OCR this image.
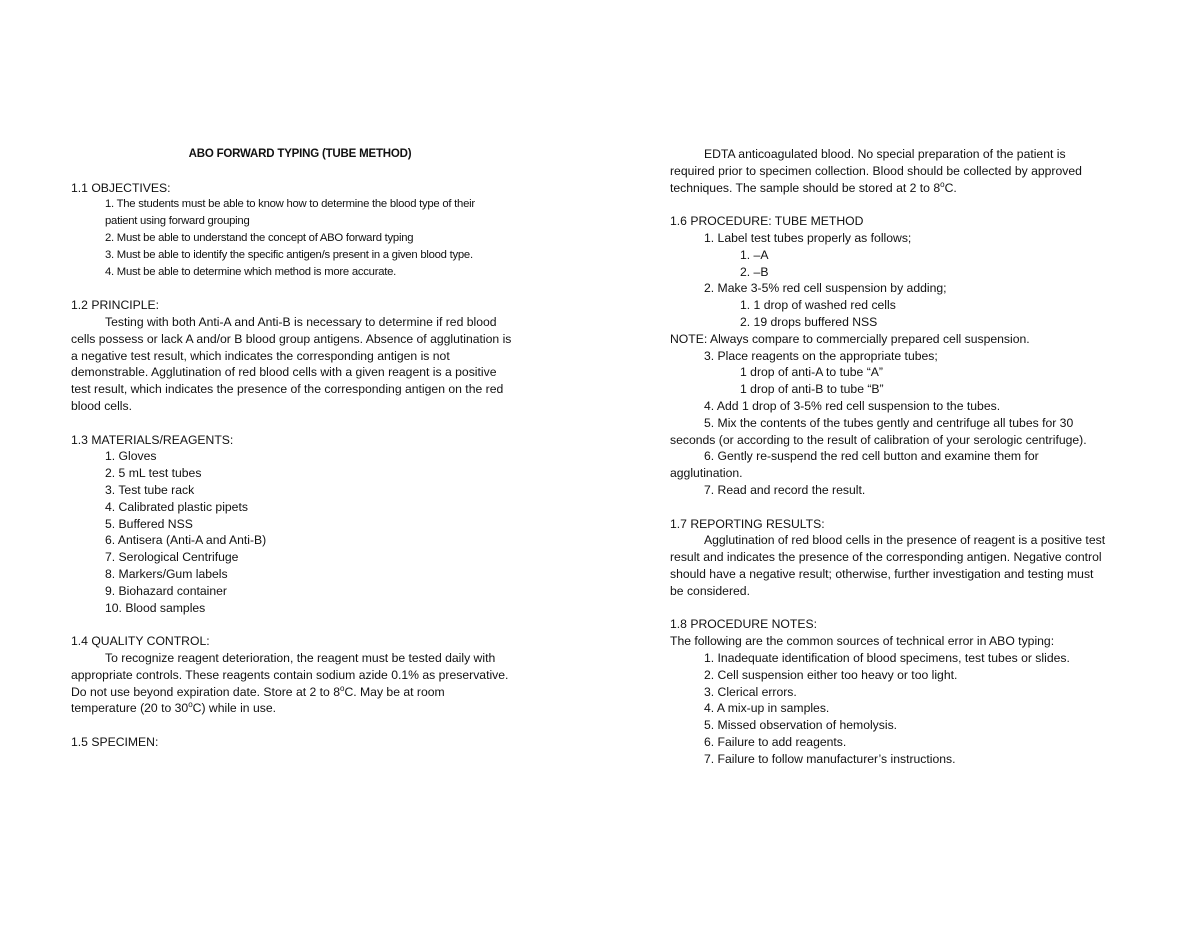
ABO FORWARD TYPING (TUBE METHOD)
1.1 OBJECTIVES:
1. The students must be able to know how to determine the blood type of their
patient using forward grouping
2. Must be able to understand the concept of ABO forward typing
3. Must be able to identify the specific antigen/s present in a given blood type.
4. Must be able to determine which method is more accurate.
1.2 PRINCIPLE:
Testing with both Anti-A and Anti-B is necessary to determine if red blood
cells possess or lack A and/or B blood group antigens. Absence of agglutination is
a negative test result, which indicates the corresponding antigen is not
demonstrable. Agglutination of red blood cells with a given reagent is a positive
test result, which indicates the presence of the corresponding antigen on the red
blood cells.
1.3 MATERIALS/REAGENTS:
1. Gloves
2. 5 mL test tubes
3. Test tube rack
4. Calibrated plastic pipets
5. Buffered NSS
6. Antisera (Anti-A and Anti-B)
7. Serological Centrifuge
8. Markers/Gum labels
9. Biohazard container
10. Blood samples
1.4 QUALITY CONTROL:
To recognize reagent deterioration, the reagent must be tested daily with
appropriate controls. These reagents contain sodium azide 0.1% as preservative.
Do not use beyond expiration date. Store at 2 to 8$^o$C. May be at room
temperature (20 to 30$^o$C) while in use.
1.5 SPECIMEN:
EDTA anticoagulated blood. No special preparation of the patient is
required prior to specimen collection. Blood should be collected by approved
techniques. The sample should be stored at 2 to 8$^o$C.
1.6 PROCEDURE: TUBE METHOD
1. Label test tubes properly as follows;
1. –A
2. –B
2. Make 3-5% red cell suspension by adding;
1. 1 drop of washed red cells
2. 19 drops buffered NSS
NOTE: Always compare to commercially prepared cell suspension.
3. Place reagents on the appropriate tubes;
1 drop of anti-A to tube “A”
1 drop of anti-B to tube “B”
4. Add 1 drop of 3-5% red cell suspension to the tubes.
5. Mix the contents of the tubes gently and centrifuge all tubes for 30
seconds (or according to the result of calibration of your serologic centrifuge).
6. Gently re-suspend the red cell button and examine them for
agglutination.
7. Read and record the result.
1.7 REPORTING RESULTS:
Agglutination of red blood cells in the presence of reagent is a positive test
result and indicates the presence of the corresponding antigen. Negative control
should have a negative result; otherwise, further investigation and testing must
be considered.
1.8 PROCEDURE NOTES:
The following are the common sources of technical error in ABO typing:
1. Inadequate identification of blood specimens, test tubes or slides.
2. Cell suspension either too heavy or too light.
3. Clerical errors.
4. A mix-up in samples.
5. Missed observation of hemolysis.
6. Failure to add reagents.
7. Failure to follow manufacturer’s instructions.
